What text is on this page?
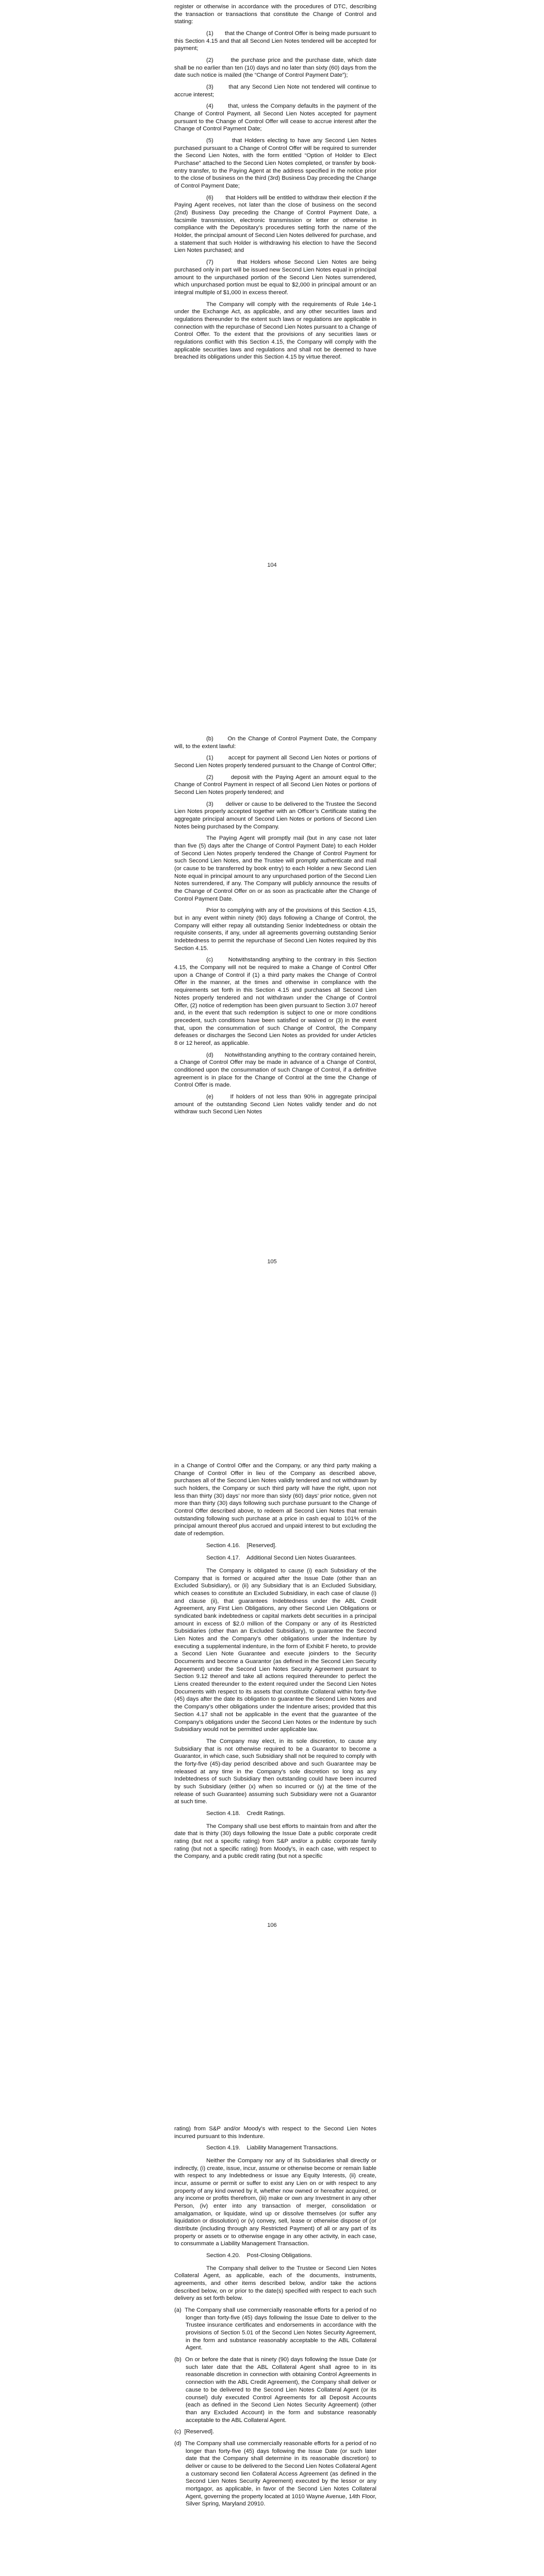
register or otherwise in accordance with the procedures of DTC, describing the transaction or transactions that constitute the Change of Control and stating:

(1)       that the Change of Control Offer is being made pursuant to this Section 4.15 and that all Second Lien Notes tendered will be accepted for payment;

(2)       the purchase price and the purchase date, which date shall be no earlier than ten (10) days and no later than sixty (60) days from the date such notice is mailed (the “Change of Control Payment Date”);

(3)       that any Second Lien Note not tendered will continue to accrue interest;

(4)       that, unless the Company defaults in the payment of the Change of Control Payment, all Second Lien Notes accepted for payment pursuant to the Change of Control Offer will cease to accrue interest after the Change of Control Payment Date;

(5)       that Holders electing to have any Second Lien Notes purchased pursuant to a Change of Control Offer will be required to surrender the Second Lien Notes, with the form entitled “Option of Holder to Elect Purchase” attached to the Second Lien Notes completed, or transfer by book-entry transfer, to the Paying Agent at the address specified in the notice prior to the close of business on the third (3rd) Business Day preceding the Change of Control Payment Date;

(6)       that Holders will be entitled to withdraw their election if the Paying Agent receives, not later than the close of business on the second (2nd) Business Day preceding the Change of Control Payment Date, a facsimile transmission, electronic transmission or letter or otherwise in compliance with the Depositary’s procedures setting forth the name of the Holder, the principal amount of Second Lien Notes delivered for purchase, and a statement that such Holder is withdrawing his election to have the Second Lien Notes purchased; and

(7)       that Holders whose Second Lien Notes are being purchased only in part will be issued new Second Lien Notes equal in principal amount to the unpurchased portion of the Second Lien Notes surrendered, which unpurchased portion must be equal to $2,000 in principal amount or an integral multiple of $1,000 in excess thereof.

The Company will comply with the requirements of Rule 14e-1 under the Exchange Act, as applicable, and any other securities laws and regulations thereunder to the extent such laws or regulations are applicable in connection with the repurchase of Second Lien Notes pursuant to a Change of Control Offer. To the extent that the provisions of any securities laws or regulations conflict with this Section 4.15, the Company will comply with the applicable securities laws and regulations and shall not be deemed to have breached its obligations under this Section 4.15 by virtue thereof.

104

(b)      On the Change of Control Payment Date, the Company will, to the extent lawful:

(1)       accept for payment all Second Lien Notes or portions of Second Lien Notes properly tendered pursuant to the Change of Control Offer;

(2)       deposit with the Paying Agent an amount equal to the Change of Control Payment in respect of all Second Lien Notes or portions of Second Lien Notes properly tendered; and

(3)       deliver or cause to be delivered to the Trustee the Second Lien Notes properly accepted together with an Officer’s Certificate stating the aggregate principal amount of Second Lien Notes or portions of Second Lien Notes being purchased by the Company.

The Paying Agent will promptly mail (but in any case not later than five (5) days after the Change of Control Payment Date) to each Holder of Second Lien Notes properly tendered the Change of Control Payment for such Second Lien Notes, and the Trustee will promptly authenticate and mail (or cause to be transferred by book entry) to each Holder a new Second Lien Note equal in principal amount to any unpurchased portion of the Second Lien Notes surrendered, if any. The Company will publicly announce the results of the Change of Control Offer on or as soon as practicable after the Change of Control Payment Date.

Prior to complying with any of the provisions of this Section 4.15, but in any event within ninety (90) days following a Change of Control, the Company will either repay all outstanding Senior Indebtedness or obtain the requisite consents, if any, under all agreements governing outstanding Senior Indebtedness to permit the repurchase of Second Lien Notes required by this Section 4.15.

(c)      Notwithstanding anything to the contrary in this Section 4.15, the Company will not be required to make a Change of Control Offer upon a Change of Control if (1) a third party makes the Change of Control Offer in the manner, at the times and otherwise in compliance with the requirements set forth in this Section 4.15 and purchases all Second Lien Notes properly tendered and not withdrawn under the Change of Control Offer, (2) notice of redemption has been given pursuant to Section 3.07 hereof and, in the event that such redemption is subject to one or more conditions precedent, such conditions have been satisfied or waived or (3) in the event that, upon the consummation of such Change of Control, the Company defeases or discharges the Second Lien Notes as provided for under Articles 8 or 12 hereof, as applicable.

(d)      Notwithstanding anything to the contrary contained herein, a Change of Control Offer may be made in advance of a Change of Control, conditioned upon the consummation of such Change of Control, if a definitive agreement is in place for the Change of Control at the time the Change of Control Offer is made.

(e)      If holders of not less than 90% in aggregate principal amount of the outstanding Second Lien Notes validly tender and do not withdraw such Second Lien Notes

105

in a Change of Control Offer and the Company, or any third party making a Change of Control Offer in lieu of the Company as described above, purchases all of the Second Lien Notes validly tendered and not withdrawn by such holders, the Company or such third party will have the right, upon not less than thirty (30) days’ nor more than sixty (60) days’ prior notice, given not more than thirty (30) days following such purchase pursuant to the Change of Control Offer described above, to redeem all Second Lien Notes that remain outstanding following such purchase at a price in cash equal to 101% of the principal amount thereof plus accrued and unpaid interest to but excluding the date of redemption.

Section 4.16.    [Reserved].

Section 4.17.    Additional Second Lien Notes Guarantees.

The Company is obligated to cause (i) each Subsidiary of the Company that is formed or acquired after the Issue Date (other than an Excluded Subsidiary), or (ii) any Subsidiary that is an Excluded Subsidiary, which ceases to constitute an Excluded Subsidiary, in each case of clause (i) and clause (ii), that guarantees Indebtedness under the ABL Credit Agreement, any First Lien Obligations, any other Second Lien Obligations or syndicated bank indebtedness or capital markets debt securities in a principal amount in excess of $2.0 million of the Company or any of its Restricted Subsidiaries (other than an Excluded Subsidiary), to guarantee the Second Lien Notes and the Company’s other obligations under the Indenture by executing a supplemental indenture, in the form of Exhibit F hereto, to provide a Second Lien Note Guarantee and execute joinders to the Security Documents and become a Guarantor (as defined in the Second Lien Security Agreement) under the Second Lien Notes Security Agreement pursuant to Section 9.12 thereof and take all actions required thereunder to perfect the Liens created thereunder to the extent required under the Second Lien Notes Documents with respect to its assets that constitute Collateral within forty-five (45) days after the date its obligation to guarantee the Second Lien Notes and the Company’s other obligations under the Indenture arises; provided that this Section 4.17 shall not be applicable in the event that the guarantee of the Company’s obligations under the Second Lien Notes or the Indenture by such Subsidiary would not be permitted under applicable law.

The Company may elect, in its sole discretion, to cause any Subsidiary that is not otherwise required to be a Guarantor to become a Guarantor, in which case, such Subsidiary shall not be required to comply with the forty-five (45)-day period described above and such Guarantee may be released at any time in the Company’s sole discretion so long as any Indebtedness of such Subsidiary then outstanding could have been incurred by such Subsidiary (either (x) when so incurred or (y) at the time of the release of such Guarantee) assuming such Subsidiary were not a Guarantor at such time.

Section 4.18.    Credit Ratings.

The Company shall use best efforts to maintain from and after the date that is thirty (30) days following the Issue Date a public corporate credit rating (but not a specific rating) from S&P and/or a public corporate family rating (but not a specific rating) from Moody’s, in each case, with respect to the Company, and a public credit rating (but not a specific

106

rating) from S&P and/or Moody’s with respect to the Second Lien Notes incurred pursuant to this Indenture.

Section 4.19.    Liability Management Transactions.

Neither the Company nor any of its Subsidiaries shall directly or indirectly, (i) create, issue, incur, assume or otherwise become or remain liable with respect to any Indebtedness or issue any Equity Interests, (ii) create, incur, assume or permit or suffer to exist any Lien on or with respect to any property of any kind owned by it, whether now owned or hereafter acquired, or any income or profits therefrom, (iii) make or own any Investment in any other Person, (iv) enter into any transaction of merger, consolidation or amalgamation, or liquidate, wind up or dissolve themselves (or suffer any liquidation or dissolution) or (v) convey, sell, lease or otherwise dispose of (or distribute (including through any Restricted Payment) of all or any part of its property or assets or to otherwise engage in any other activity, in each case, to consummate a Liability Management Transaction.

Section 4.20.    Post-Closing Obligations.

The Company shall deliver to the Trustee or Second Lien Notes Collateral Agent, as applicable, each of the documents, instruments, agreements, and other items described below, and/or take the actions described below, on or prior to the date(s) specified with respect to each such delivery as set forth below.

(a)  The Company shall use commercially reasonable efforts for a period of no longer than forty-five (45) days following the Issue Date to deliver to the Trustee insurance certificates and endorsements in accordance with the provisions of Section 5.01 of the Second Lien Notes Security Agreement, in the form and substance reasonably acceptable to the ABL Collateral Agent.

(b)  On or before the date that is ninety (90) days following the Issue Date (or such later date that the ABL Collateral Agent shall agree to in its reasonable discretion in connection with obtaining Control Agreements in connection with the ABL Credit Agreement), the Company shall deliver or cause to be delivered to the Second Lien Notes Collateral Agent (or its counsel) duly executed Control Agreements for all Deposit Accounts (each as defined in the Second Lien Notes Security Agreement) (other than any Excluded Account) in the form and substance reasonably acceptable to the ABL Collateral Agent.

(c)  [Reserved].

(d)  The Company shall use commercially reasonable efforts for a period of no longer than forty-five (45) days following the Issue Date (or such later date that the Company shall determine in its reasonable discretion) to deliver or cause to be delivered to the Second Lien Notes Collateral Agent a customary second lien Collateral Access Agreement (as defined in the Second Lien Notes Security Agreement) executed by the lessor or any mortgagor, as applicable, in favor of the Second Lien Notes Collateral Agent, governing the property located at 1010 Wayne Avenue, 14th Floor, Silver Spring, Maryland 20910.
